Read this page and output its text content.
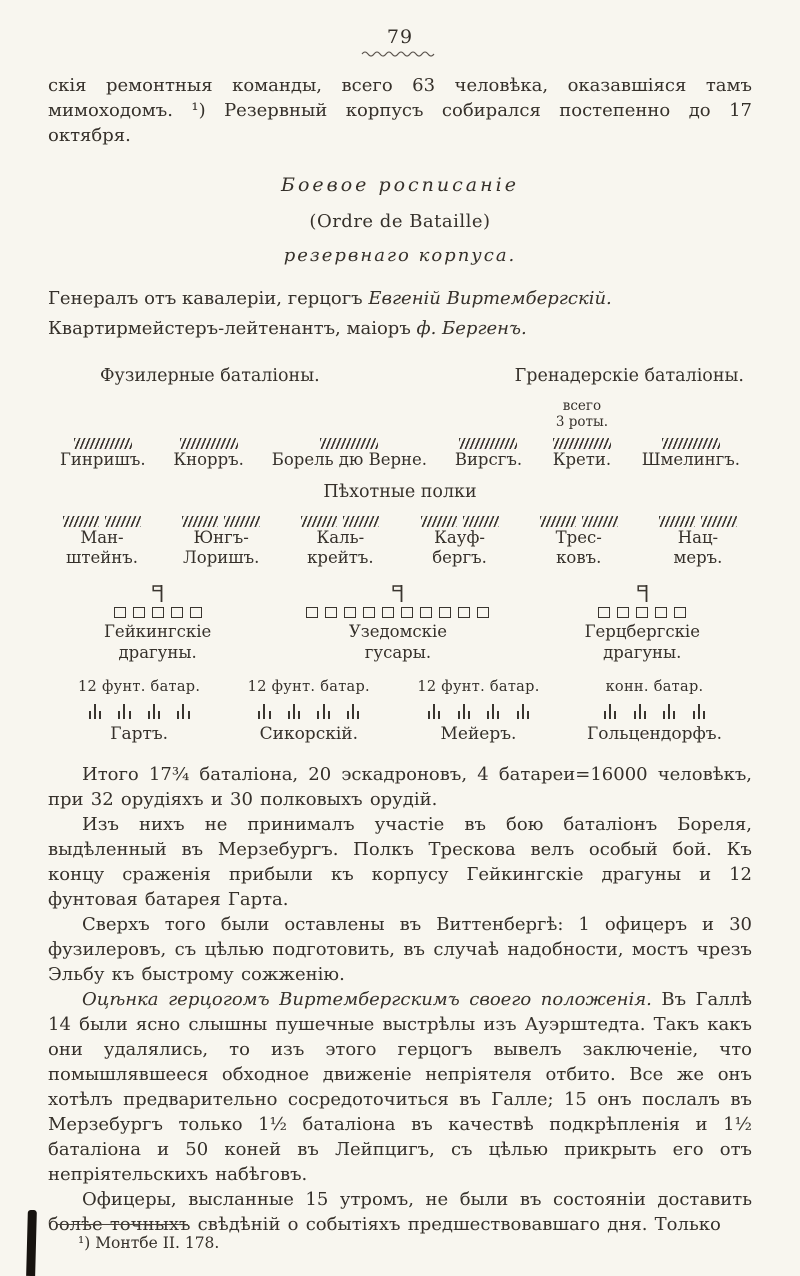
79

скія ремонтныя команды, всего 63 человѣка, оказавшіяся тамъ мимоходомъ. ¹) Резервный корпусъ собирался постепенно до 17 октября.

Боевое росписаніе
(Ordre de Bataille)
резервнаго корпуса.
Генералъ отъ кавалеріи, герцогъ Евгеній Виртембергскій.
Квартирмейстеръ-лейтенантъ, маіоръ ф. Бергенъ.
Фузилерные баталіоны.	Гренадерскіе баталіоны.
Гинришъ. Кнорръ. Борель дю Верне. Вирсгъ.
всего
3 роты.
Крети. Шмелингъ.
Пѣхотные полки
Ман-
штейнъ.
Юнгъ-
Лоришъ.
Каль-
крейтъ.
Кауф-
бергъ.
Трес-
ковъ.
Нац-
меръ.
Гейкингскіе
драгуны.
Узедомскіе
гусары.
Герцбергскіе
драгуны.
12 фунт. батар.
Гартъ.
12 фунт. батар.
Сикорскій.
12 фунт. батар.
Мейеръ.
конн. батар.
Гольцендорфъ.

Итого 17¾ баталіона, 20 эскадроновъ, 4 батареи=16000 человѣкъ, при 32 орудіяхъ и 30 полковыхъ орудій.

Изъ нихъ не принималъ участіе въ бою баталіонъ Бореля, выдѣленный въ Мерзебургъ. Полкъ Трескова велъ особый бой. Къ концу сраженія прибыли къ корпусу Гейкингскіе драгуны и 12 фунтовая батарея Гарта.

Сверхъ того были оставлены въ Виттенбергѣ: 1 офицеръ и 30 фузилеровъ, съ цѣлью подготовить, въ случаѣ надобности, мостъ чрезъ Эльбу къ быстрому сожженію.

Оцѣнка герцогомъ Виртембергскимъ своего положенія. Въ Галлѣ 14 были ясно слышны пушечные выстрѣлы изъ Ауэрштедта. Такъ какъ они удалялись, то изъ этого герцогъ вывелъ заключеніе, что помышлявшееся обходное движеніе непріятеля отбито. Все же онъ хотѣлъ предварительно сосредоточиться въ Галле; 15 онъ послалъ въ Мерзебургъ только 1½ баталіона въ качествѣ подкрѣпленія и 1½ баталіона и 50 коней въ Лейпцигъ, съ цѣлью прикрыть его отъ непріятельскихъ набѣговъ.

Офицеры, высланные 15 утромъ, не были въ состояніи доставить болѣе точныхъ свѣдѣній о событіяхъ предшествовавшаго дня. Только

¹) Монтбе II. 178.
